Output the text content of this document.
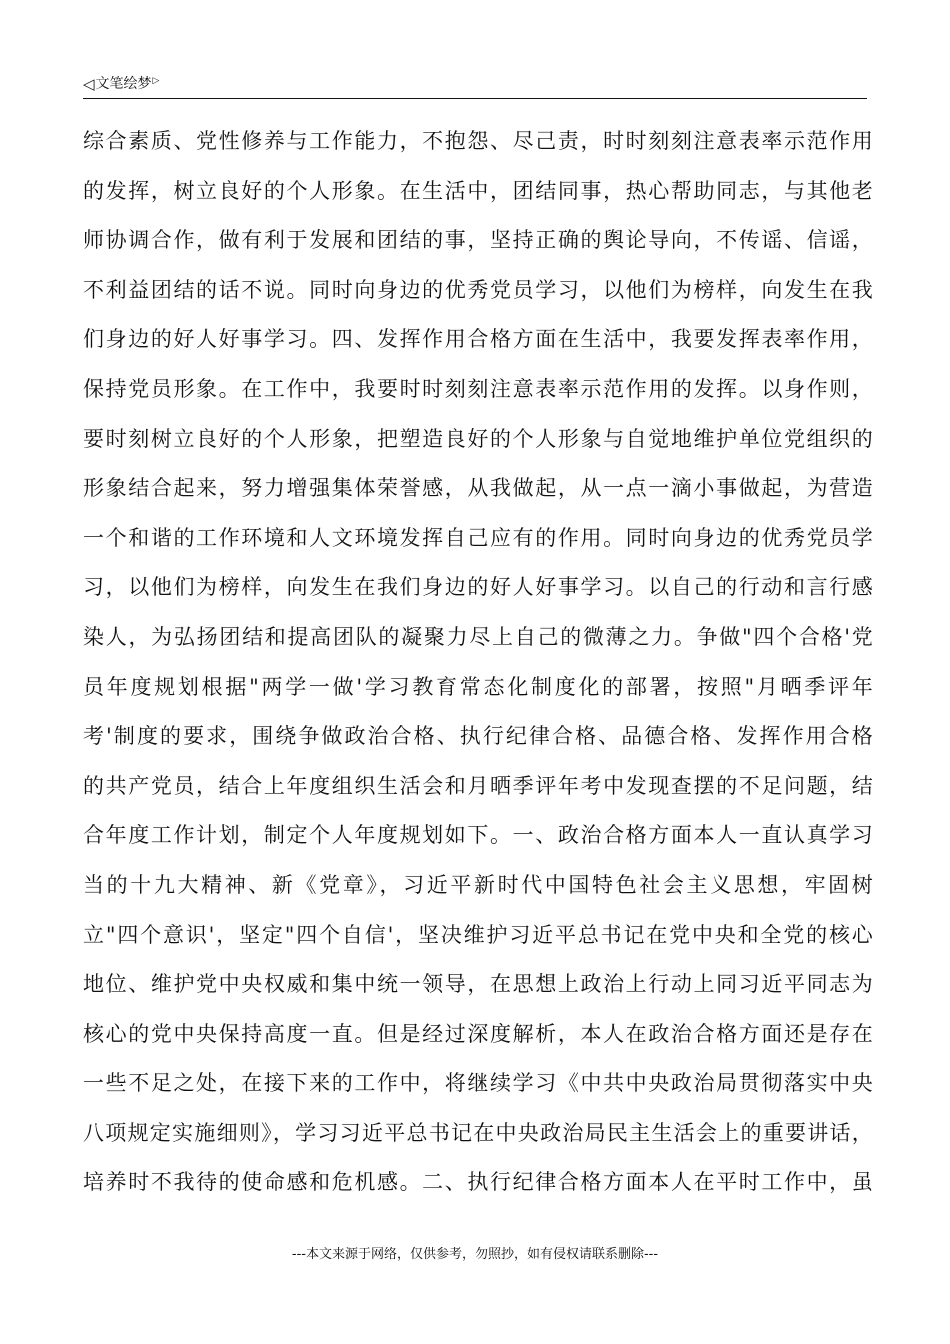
◁ 文笔绘梦 ▷
综合素质、党性修养与工作能力，不抱怨、尽己责，时时刻刻注意表率示范作用
的发挥，树立良好的个人形象。在生活中，团结同事，热心帮助同志，与其他老
师协调合作，做有利于发展和团结的事，坚持正确的舆论导向，不传谣、信谣，
不利益团结的话不说。同时向身边的优秀党员学习，以他们为榜样，向发生在我
们身边的好人好事学习。四、发挥作用合格方面在生活中，我要发挥表率作用，
保持党员形象。在工作中，我要时时刻刻注意表率示范作用的发挥。以身作则，
要时刻树立良好的个人形象，把塑造良好的个人形象与自觉地维护单位党组织的
形象结合起来，努力增强集体荣誉感，从我做起，从一点一滴小事做起，为营造
一个和谐的工作环境和人文环境发挥自己应有的作用。同时向身边的优秀党员学
习，以他们为榜样，向发生在我们身边的好人好事学习。以自己的行动和言行感
染人，为弘扬团结和提高团队的凝聚力尽上自己的微薄之力。争做"四个合格'党
员年度规划根据"两学一做'学习教育常态化制度化的部署，按照"月晒季评年
考'制度的要求，围绕争做政治合格、执行纪律合格、品德合格、发挥作用合格
的共产党员，结合上年度组织生活会和月晒季评年考中发现查摆的不足问题，结
合年度工作计划，制定个人年度规划如下。一、政治合格方面本人一直认真学习
当的十九大精神、新《党章》，习近平新时代中国特色社会主义思想，牢固树
立"四个意识'，坚定"四个自信'，坚决维护习近平总书记在党中央和全党的核心
地位、维护党中央权威和集中统一领导，在思想上政治上行动上同习近平同志为
核心的党中央保持高度一直。但是经过深度解析，本人在政治合格方面还是存在
一些不足之处，在接下来的工作中，将继续学习《中共中央政治局贯彻落实中央
八项规定实施细则》，学习习近平总书记在中央政治局民主生活会上的重要讲话，
培养时不我待的使命感和危机感。二、执行纪律合格方面本人在平时工作中，虽
---本文来源于网络，仅供参考，勿照抄，如有侵权请联系删除---
